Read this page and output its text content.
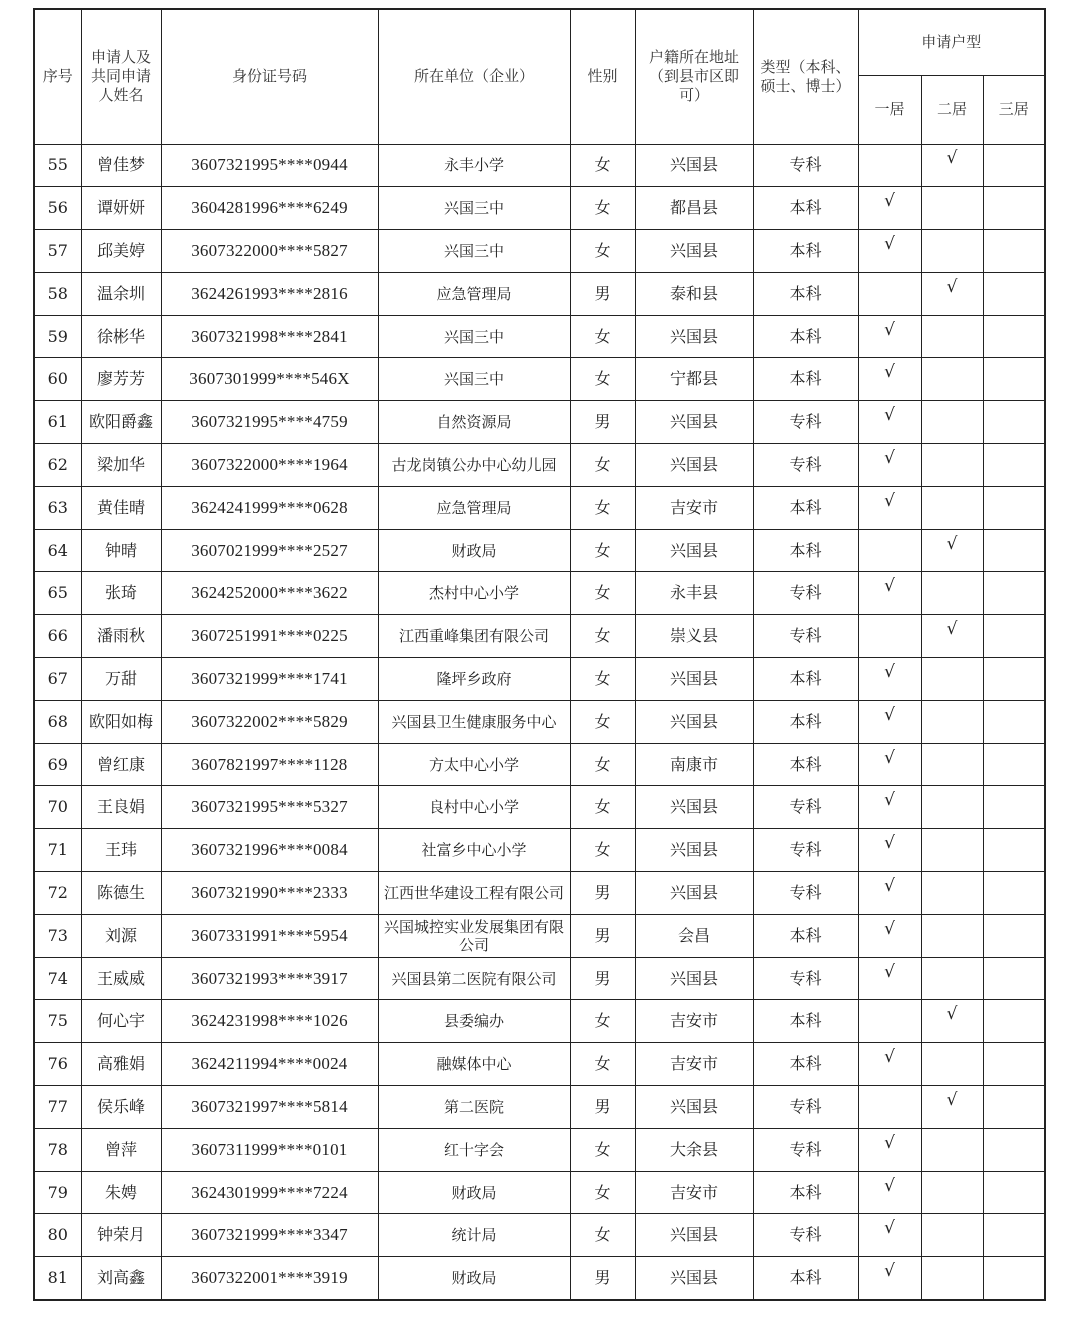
序号	申请人及共同申请人姓名	身份证号码	所在单位（企业）	性别	户籍所在地址（到县市区即可）	类型（本科、硕士、博士）	申请户型		
							一居	二居	三居
55	曾佳梦	3607321995****0944	永丰小学	女	兴国县	专科		√	
56	谭妍妍	3604281996****6249	兴国三中	女	都昌县	本科	√		
57	邱美婷	3607322000****5827	兴国三中	女	兴国县	本科	√		
58	温余圳	3624261993****2816	应急管理局	男	泰和县	本科		√	
59	徐彬华	3607321998****2841	兴国三中	女	兴国县	本科	√		
60	廖芳芳	3607301999****546X	兴国三中	女	宁都县	本科	√		
61	欧阳爵鑫	3607321995****4759	自然资源局	男	兴国县	专科	√		
62	梁加华	3607322000****1964	古龙岗镇公办中心幼儿园	女	兴国县	专科	√		
63	黄佳晴	3624241999****0628	应急管理局	女	吉安市	本科	√		
64	钟晴	3607021999****2527	财政局	女	兴国县	本科		√	
65	张琦	3624252000****3622	杰村中心小学	女	永丰县	专科	√		
66	潘雨秋	3607251991****0225	江西重峰集团有限公司	女	崇义县	专科		√	
67	万甜	3607321999****1741	隆坪乡政府	女	兴国县	本科	√		
68	欧阳如梅	3607322002****5829	兴国县卫生健康服务中心	女	兴国县	本科	√		
69	曾红康	3607821997****1128	方太中心小学	女	南康市	本科	√		
70	王良娟	3607321995****5327	良村中心小学	女	兴国县	专科	√		
71	王玮	3607321996****0084	社富乡中心小学	女	兴国县	专科	√		
72	陈德生	3607321990****2333	江西世华建设工程有限公司	男	兴国县	专科	√		
73	刘源	3607331991****5954	兴国城控实业发展集团有限公司	男	会昌	本科	√		
74	王威威	3607321993****3917	兴国县第二医院有限公司	男	兴国县	专科	√		
75	何心宇	3624231998****1026	县委编办	女	吉安市	本科		√	
76	高雅娟	3624211994****0024	融媒体中心	女	吉安市	本科	√		
77	侯乐峰	3607321997****5814	第二医院	男	兴国县	专科		√	
78	曾萍	3607311999****0101	红十字会	女	大余县	专科	√		
79	朱娉	3624301999****7224	财政局	女	吉安市	本科	√		
80	钟荣月	3607321999****3347	统计局	女	兴国县	专科	√		
81	刘高鑫	3607322001****3919	财政局	男	兴国县	本科	√		
